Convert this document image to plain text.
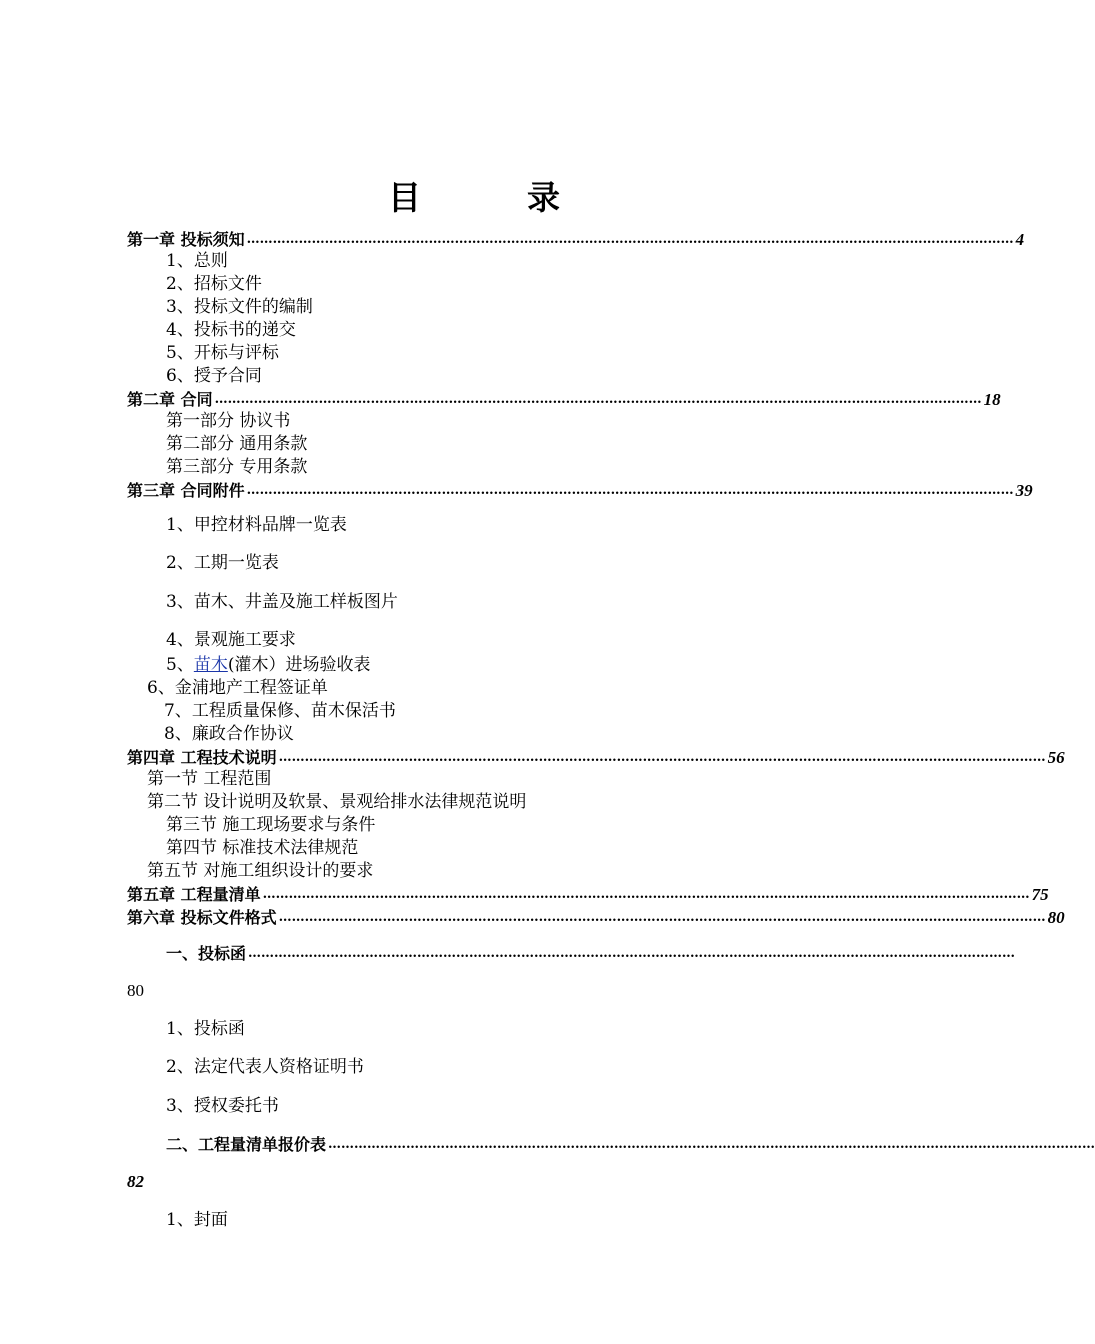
目	录
第一章 投标须知 …………………………………………………………………………………………………………………………………………………………… 4
1、总则
2、招标文件
3、投标文件的编制
4、投标书的递交
5、开标与评标
6、授予合同
第二章 合同 …………………………………………………………………………………………………………………………………………………………… 18
第一部分 协议书
第二部分 通用条款
第三部分 专用条款
第三章 合同附件 …………………………………………………………………………………………………………………………………………………………… 39
1、甲控材料品牌一览表
2、工期一览表
3、苗木、井盖及施工样板图片
4、景观施工要求
5、苗木(灌木）进场验收表
6、金浦地产工程签证单
7、工程质量保修、苗木保活书
8、廉政合作协议
第四章 工程技术说明 …………………………………………………………………………………………………………………………………………………………… 56
第一节 工程范围
第二节 设计说明及软景、景观给排水法律规范说明
第三节 施工现场要求与条件
第四节 标准技术法律规范
第五节 对施工组织设计的要求
第五章 工程量清单 …………………………………………………………………………………………………………………………………………………………… 75
第六章 投标文件格式 …………………………………………………………………………………………………………………………………………………………… 80
一、投标函 ……………………………………………………………………………………………………………………………………………………………
80
1、投标函
2、法定代表人资格证明书
3、授权委托书
二、工程量清单报价表 ……………………………………………………………………………………………………………………………………………………………
82
1、封面
